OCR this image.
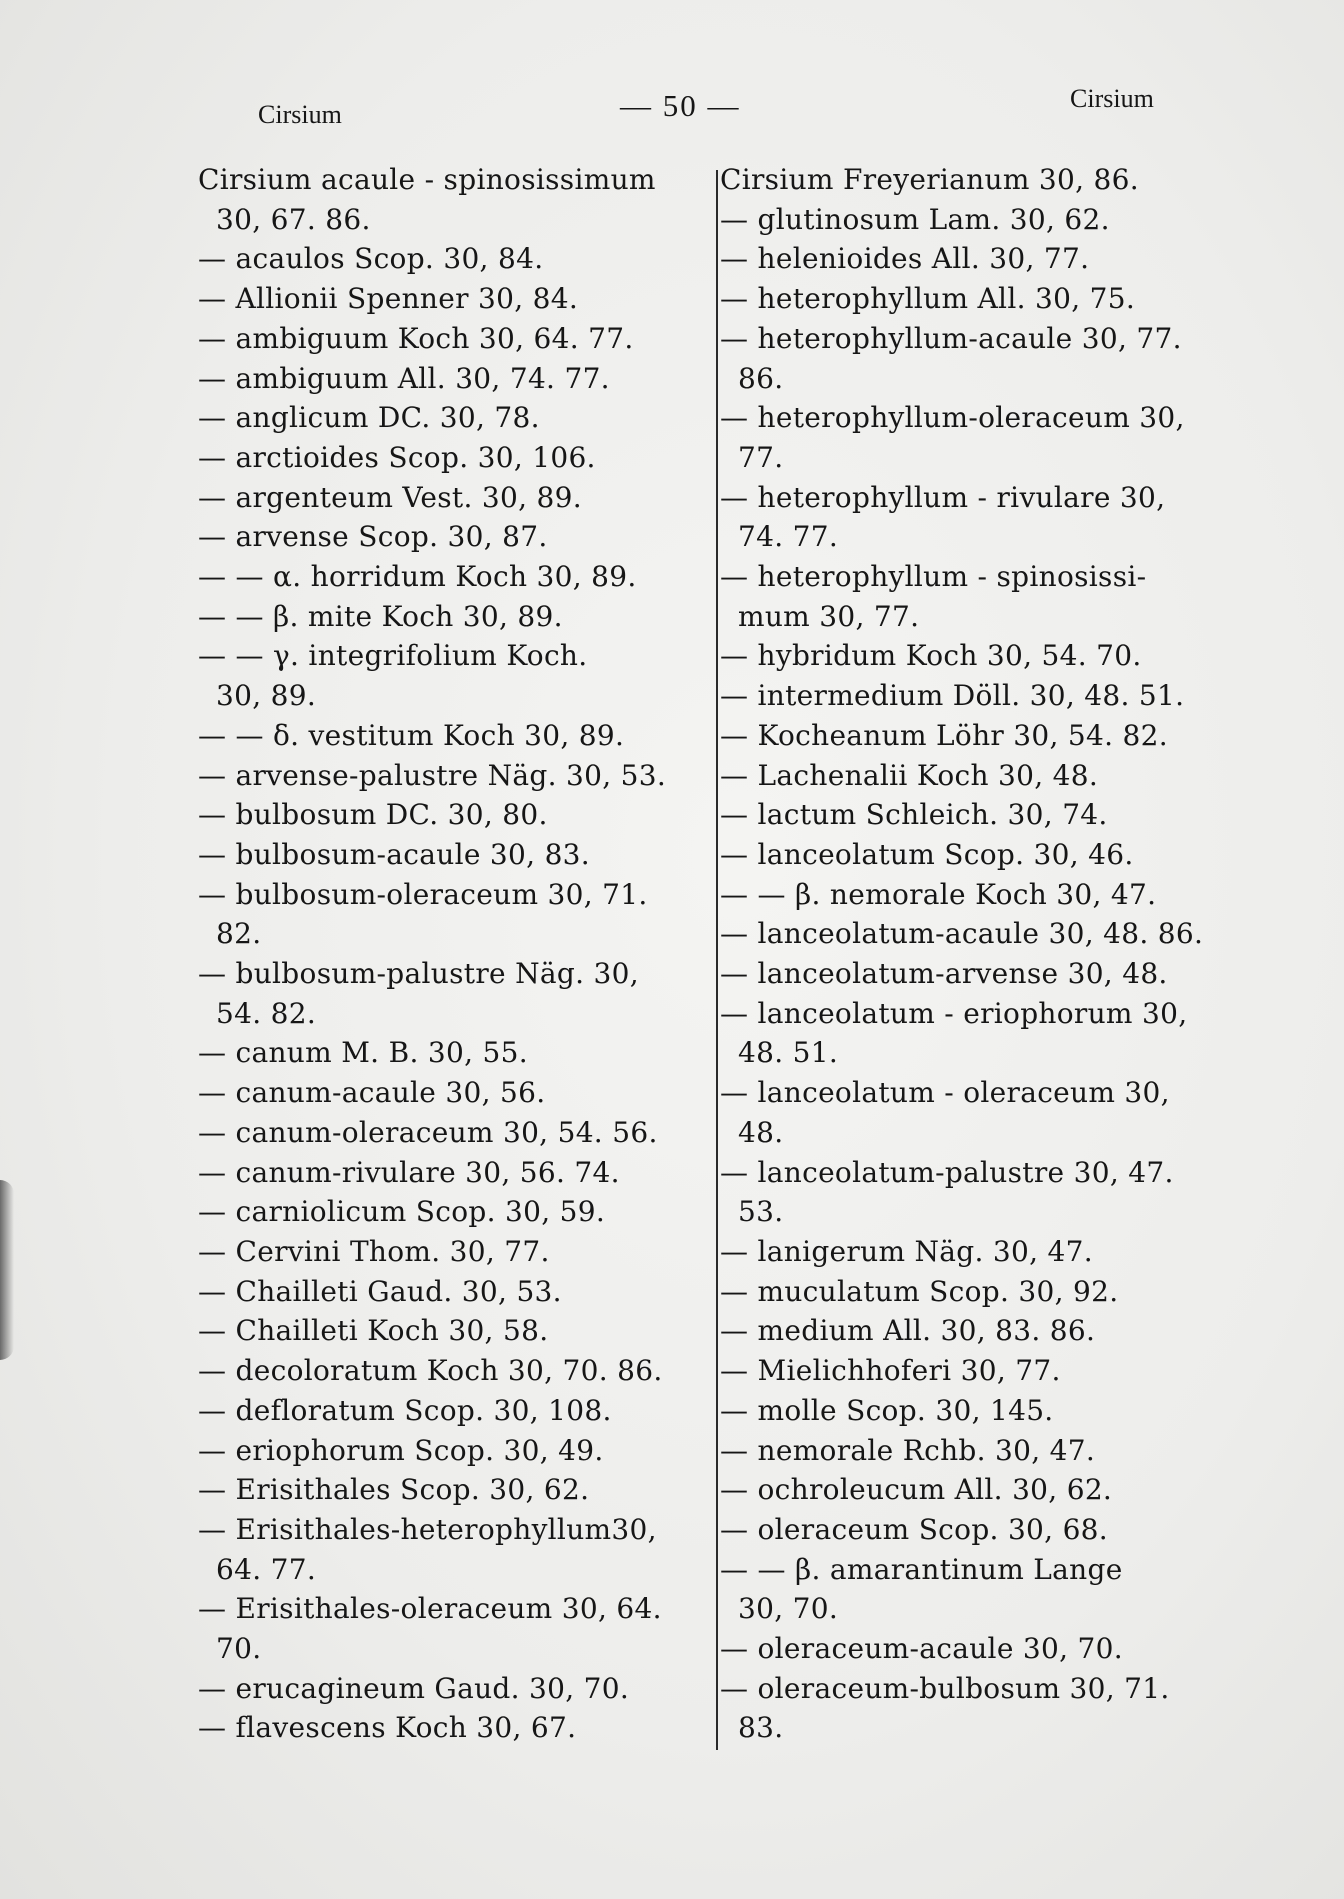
Cirsium	— 50 —	Cirsium
Cirsium acaule - spinosissimum
30, 67. 86.
— acaulos Scop. 30, 84.
— Allionii Spenner 30, 84.
— ambiguum Koch 30, 64. 77.
— ambiguum All. 30, 74. 77.
— anglicum DC. 30, 78.
— arctioides Scop. 30, 106.
— argenteum Vest. 30, 89.
— arvense Scop. 30, 87.
— — α. horridum Koch 30, 89.
— — β. mite Koch 30, 89.
— — γ. integrifolium Koch.
30, 89.
— — δ. vestitum Koch 30, 89.
— arvense-palustre Näg. 30, 53.
— bulbosum DC. 30, 80.
— bulbosum-acaule 30, 83.
— bulbosum-oleraceum 30, 71.
82.
— bulbosum-palustre Näg. 30,
54. 82.
— canum M. B. 30, 55.
— canum-acaule 30, 56.
— canum-oleraceum 30, 54. 56.
— canum-rivulare 30, 56. 74.
— carniolicum Scop. 30, 59.
— Cervini Thom. 30, 77.
— Chailleti Gaud. 30, 53.
— Chailleti Koch 30, 58.
— decoloratum Koch 30, 70. 86.
— defloratum Scop. 30, 108.
— eriophorum Scop. 30, 49.
— Erisithales Scop. 30, 62.
— Erisithales-heterophyllum30,
64. 77.
— Erisithales-oleraceum 30, 64.
70.
— erucagineum Gaud. 30, 70.
— flavescens Koch 30, 67.
Cirsium Freyerianum 30, 86.
— glutinosum Lam. 30, 62.
— helenioides All. 30, 77.
— heterophyllum All. 30, 75.
— heterophyllum-acaule 30, 77.
86.
— heterophyllum-oleraceum 30,
77.
— heterophyllum - rivulare 30,
74. 77.
— heterophyllum - spinosissi-
mum 30, 77.
— hybridum Koch 30, 54. 70.
— intermedium Döll. 30, 48. 51.
— Kocheanum Löhr 30, 54. 82.
— Lachenalii Koch 30, 48.
— lactum Schleich. 30, 74.
— lanceolatum Scop. 30, 46.
— — β. nemorale Koch 30, 47.
— lanceolatum-acaule 30, 48. 86.
— lanceolatum-arvense 30, 48.
— lanceolatum - eriophorum 30,
48. 51.
— lanceolatum - oleraceum 30,
48.
— lanceolatum-palustre 30, 47.
53.
— lanigerum Näg. 30, 47.
— muculatum Scop. 30, 92.
— medium All. 30, 83. 86.
— Mielichhoferi 30, 77.
— molle Scop. 30, 145.
— nemorale Rchb. 30, 47.
— ochroleucum All. 30, 62.
— oleraceum Scop. 30, 68.
— — β. amarantinum Lange
30, 70.
— oleraceum-acaule 30, 70.
— oleraceum-bulbosum 30, 71.
83.
